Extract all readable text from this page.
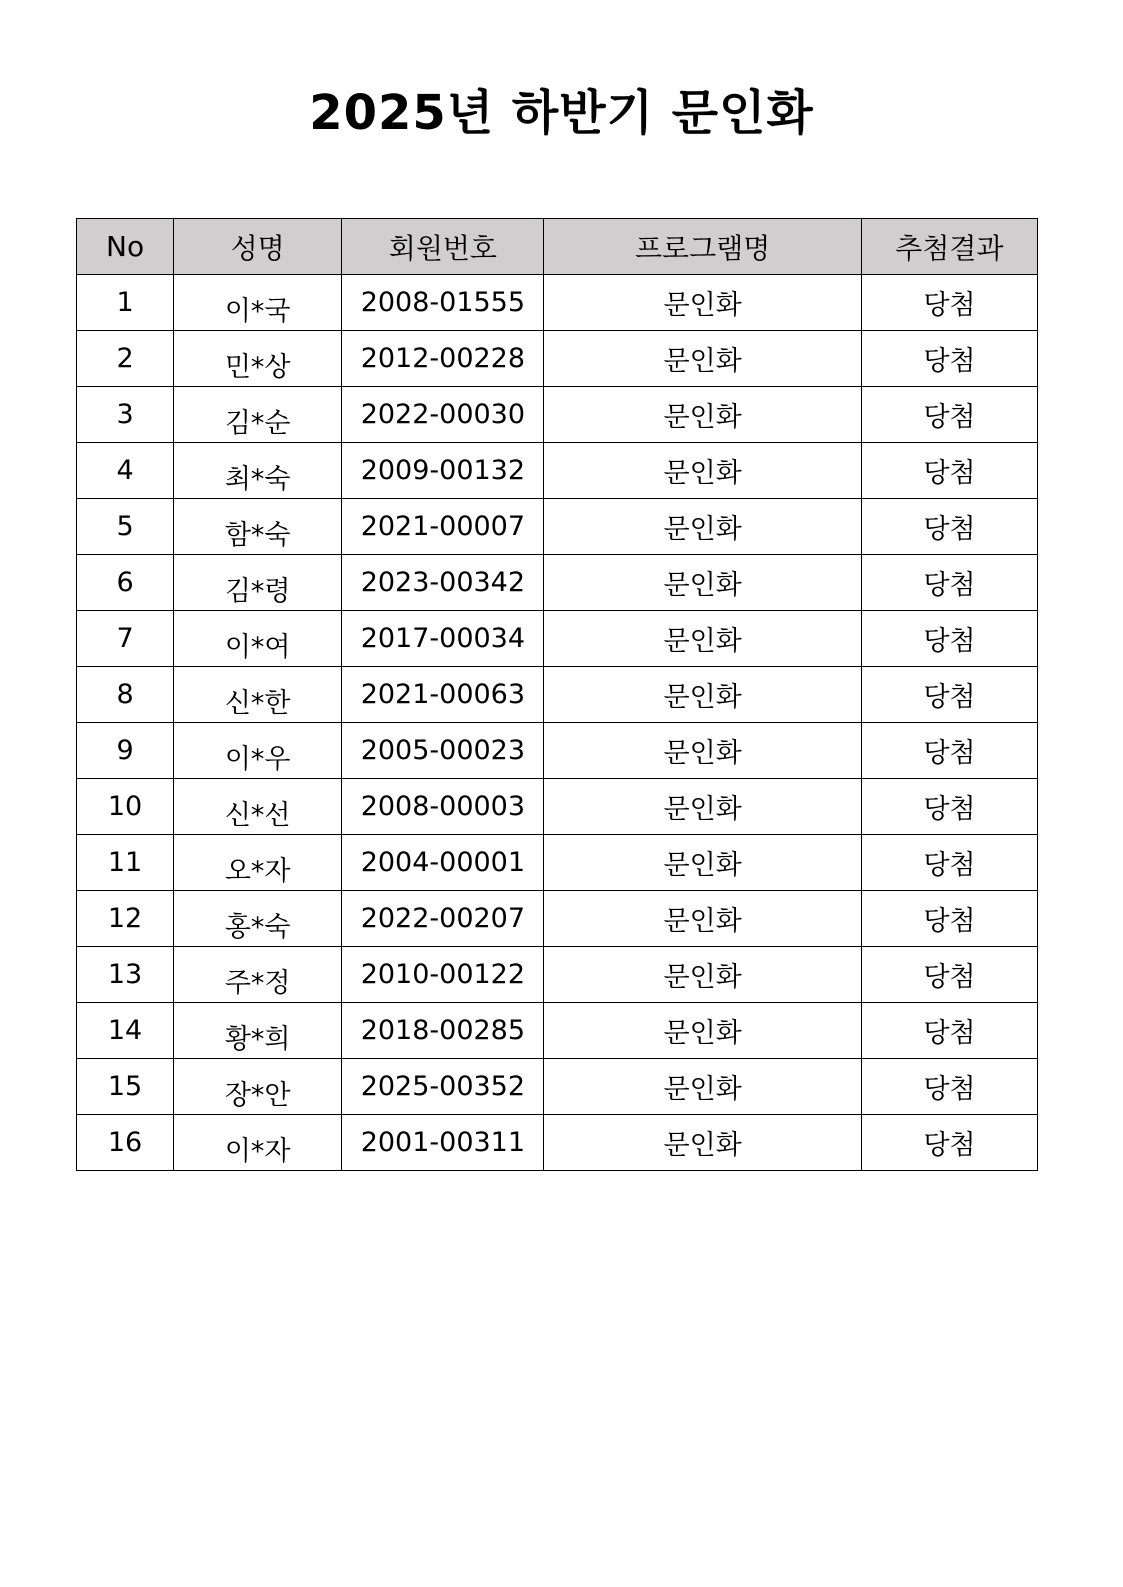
2025년 하반기 문인화
No	성명	회원번호	프로그램명	추첨결과
1	이*국	2008-01555	문인화	당첨
2	민*상	2012-00228	문인화	당첨
3	김*순	2022-00030	문인화	당첨
4	최*숙	2009-00132	문인화	당첨
5	함*숙	2021-00007	문인화	당첨
6	김*령	2023-00342	문인화	당첨
7	이*여	2017-00034	문인화	당첨
8	신*한	2021-00063	문인화	당첨
9	이*우	2005-00023	문인화	당첨
10	신*선	2008-00003	문인화	당첨
11	오*자	2004-00001	문인화	당첨
12	홍*숙	2022-00207	문인화	당첨
13	주*정	2010-00122	문인화	당첨
14	황*희	2018-00285	문인화	당첨
15	장*안	2025-00352	문인화	당첨
16	이*자	2001-00311	문인화	당첨
